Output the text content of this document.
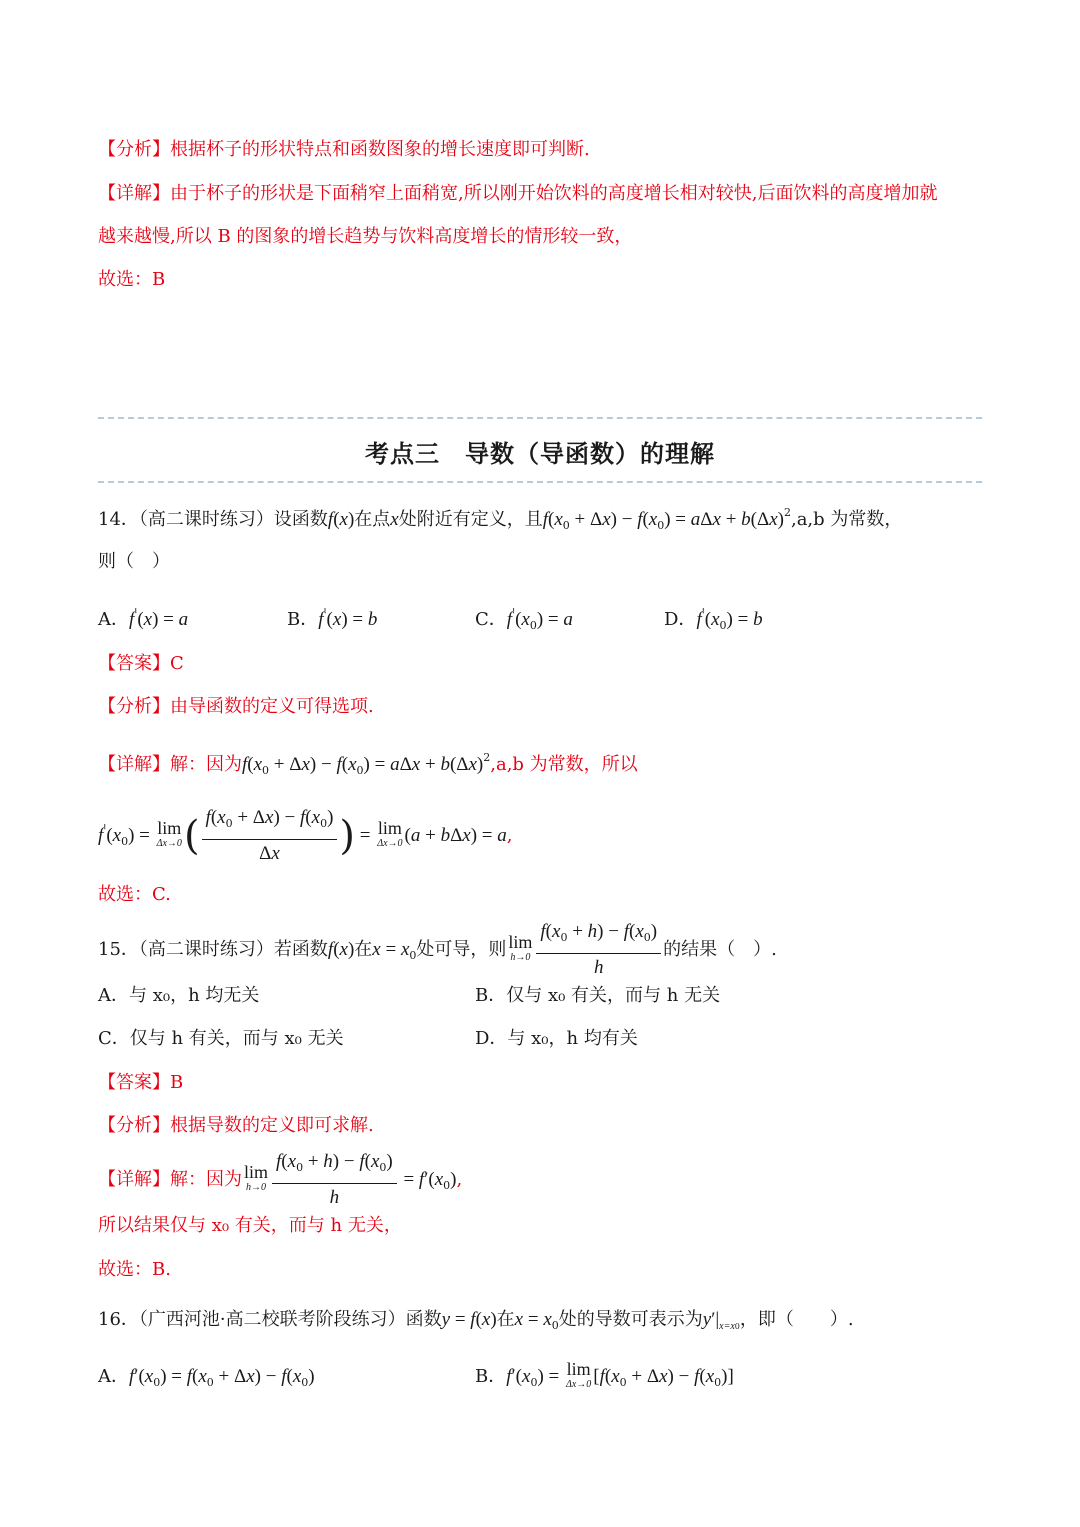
【分析】根据杯子的形状特点和函数图象的增长速度即可判断.
【详解】由于杯子的形状是下面稍窄上面稍宽,所以刚开始饮料的高度增长相对较快,后面饮料的高度增加就
越来越慢,所以 B 的图象的增长趋势与饮料高度增长的情形较一致，
故选：B
考点三　导数（导函数）的理解
14．（高二课时练习）设函数f(x)在点x处附近有定义，且$f(x_0 + \Delta x) - f(x_0) = a\Delta x + b(\Delta x)^2,a,b$ 为常数，
则（　）
A．f'(x) = a	B．f'(x) = b	C．$f'(x_0) = a$	D．$f'(x_0) = b$
【答案】C
【分析】由导函数的定义可得选项.
【详解】解：因为$f(x_0 + \Delta x) - f(x_0) = a\Delta x + b(\Delta x)^2,a,b$ 为常数，所以
$f'(x_0) = \lim$
Δx→0 ( $\frac{f(x_0 + \Delta x) - f(x_0)}{\Delta x}$ ) = lim
Δx→0 (a + bΔx) = a,
故选：C.
15．（高二课时练习）若函数f(x)在$x = x_0$处可导，则 lim
$h\to 0 \frac{f(x_0 + h) - f(x_0)}{h}$ 的结果（　）.
A．与 x₀，h 均无关	B．仅与 x₀ 有关，而与 h 无关
C．仅与 h 有关，而与 x₀ 无关	D．与 x₀，h 均有关
【答案】B
【分析】根据导数的定义即可求解.
【详解】解：因为 lim
$h\to 0 \frac{f(x_0 + h) - f(x_0)}{h} = f'(x_0)$,
所以结果仅与 x₀ 有关，而与 h 无关，
故选：B.
16．（广西河池·高二校联考阶段练习）函数y = f(x)在$x = x_0$处的导数可表示为$y'|_{x=x0}$，即（　　）.
A．$f'(x_0) = f(x_0 + \Delta x) - f(x_0)$	B．$f'(x_0) = \lim$
Δx→0 $[f(x_0 + \Delta x) - f(x_0)]$
